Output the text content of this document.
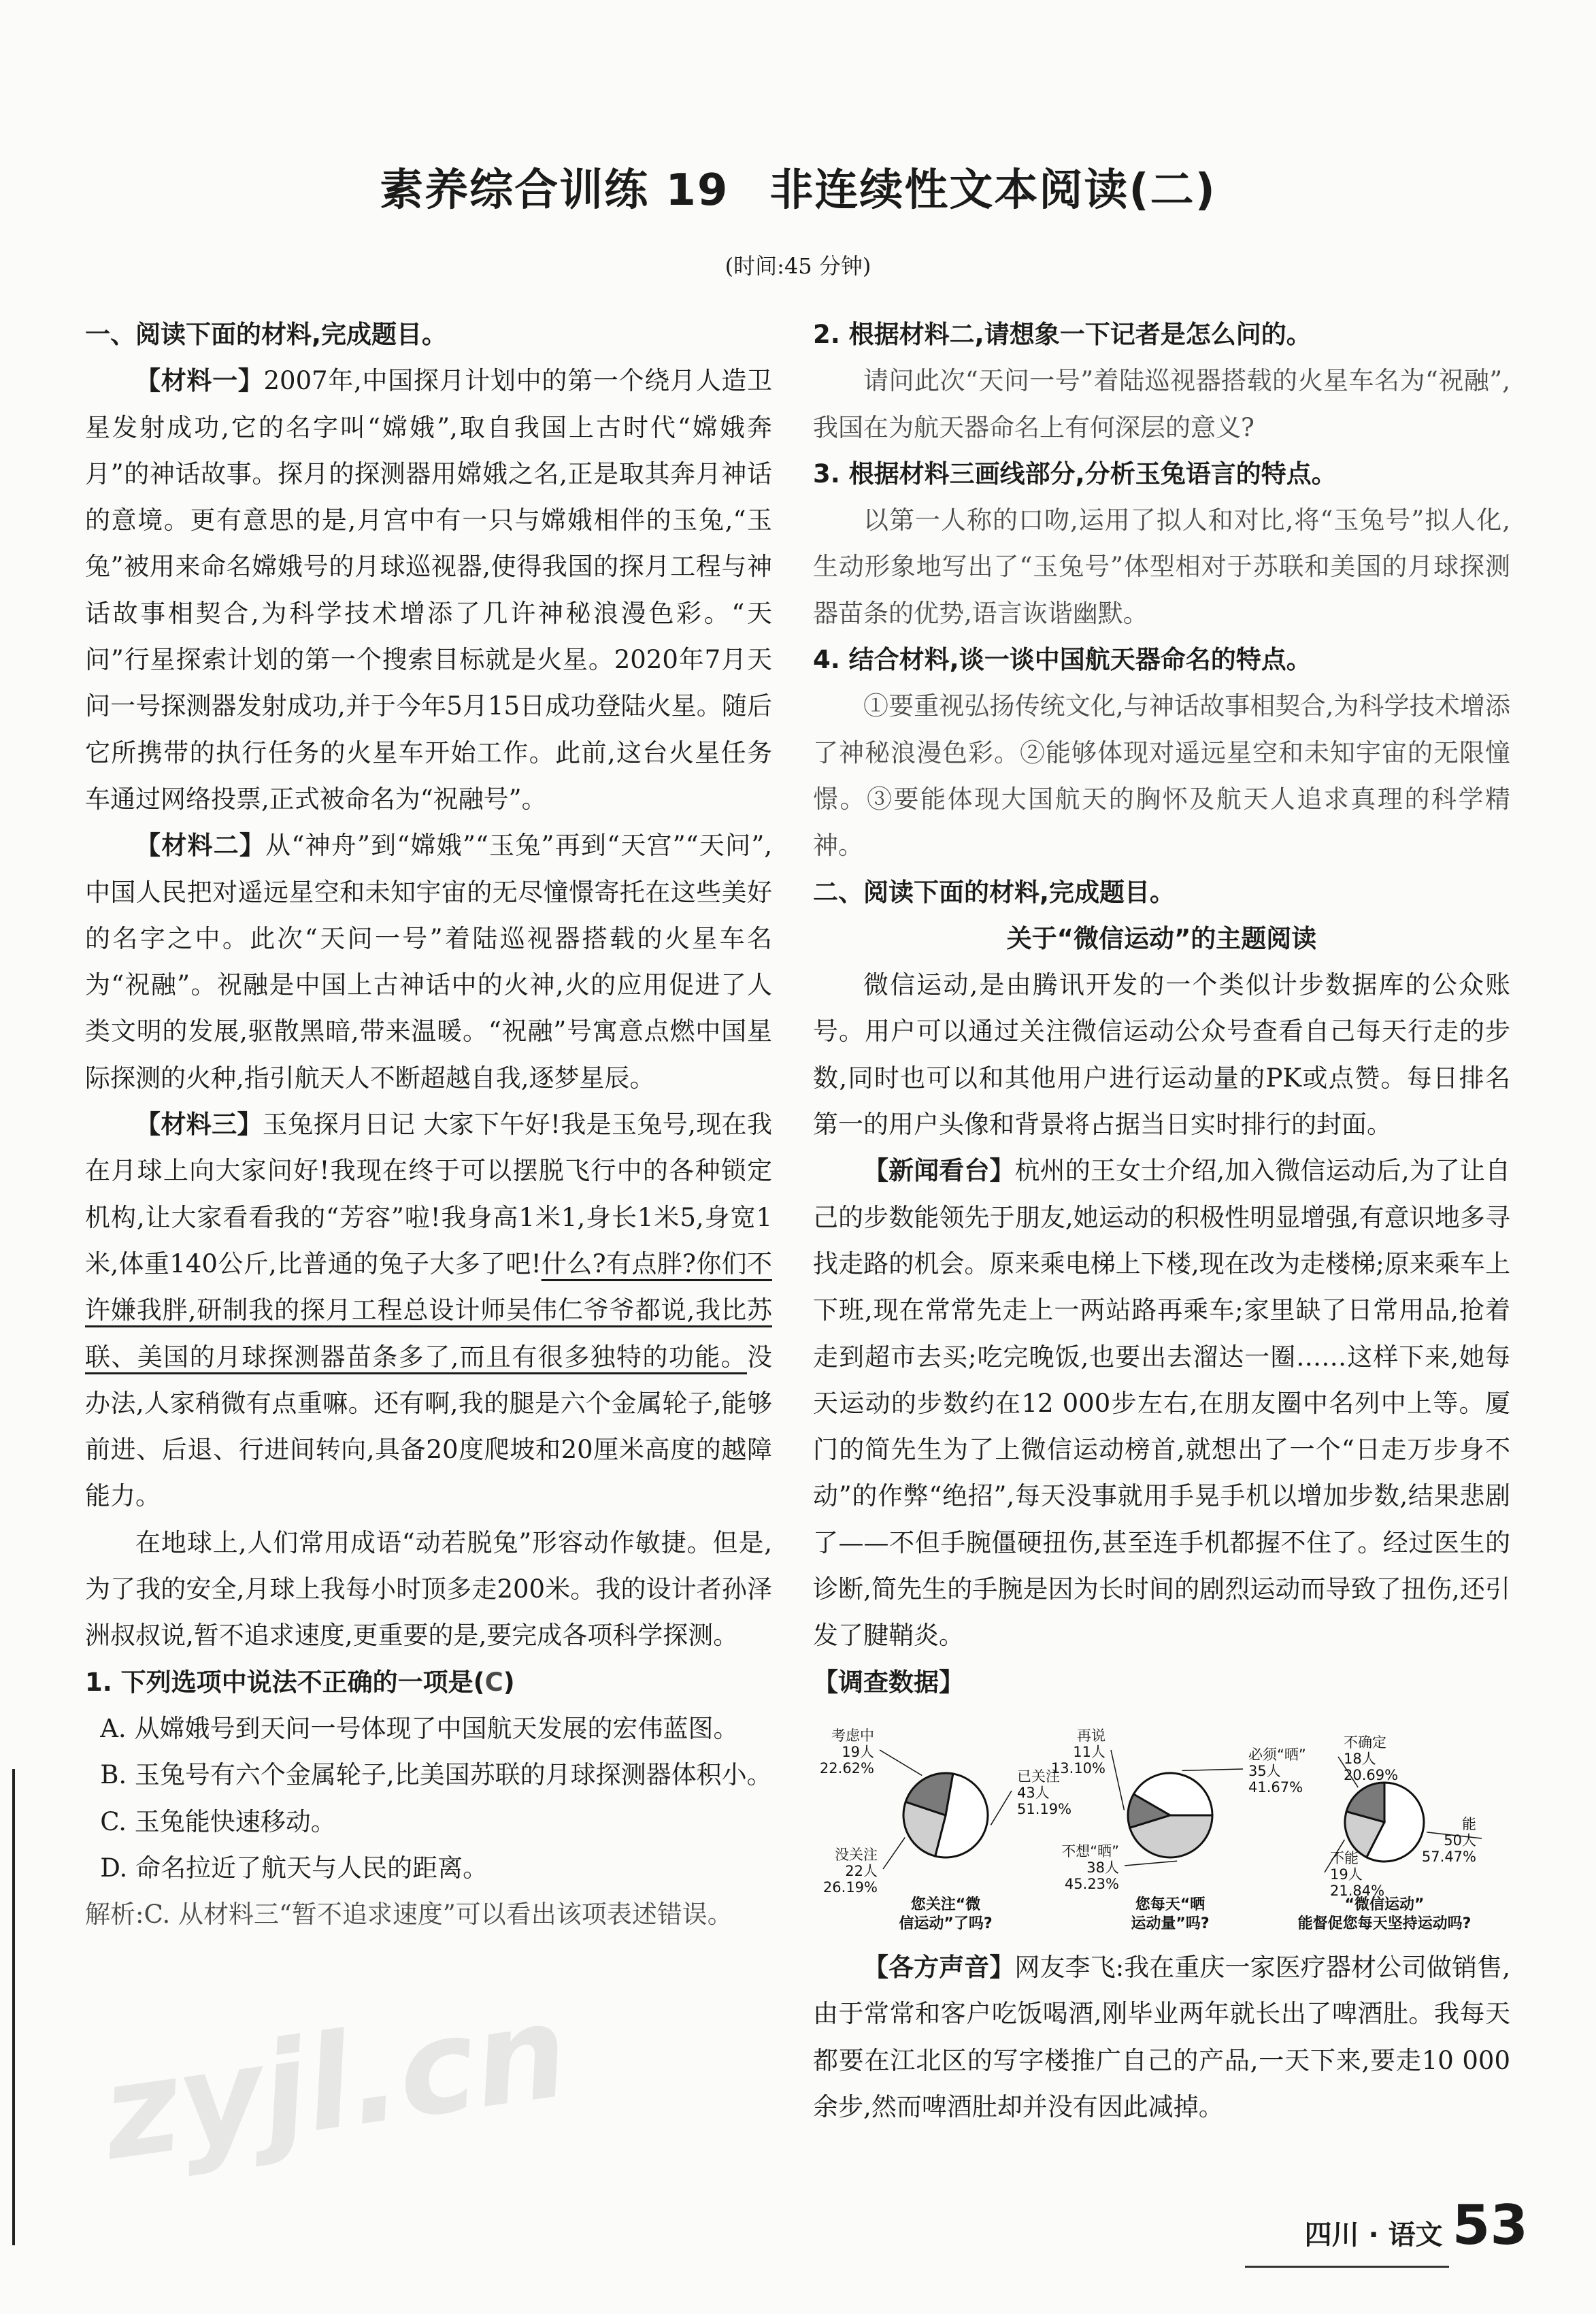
素养综合训练 19 非连续性文本阅读(二)
(时间:45 分钟)

一、阅读下面的材料,完成题目。

【材料一】2007年,中国探月计划中的第一个绕月人造卫星发射成功,它的名字叫“嫦娥”,取自我国上古时代“嫦娥奔月”的神话故事。探月的探测器用嫦娥之名,正是取其奔月神话的意境。更有意思的是,月宫中有一只与嫦娥相伴的玉兔,“玉兔”被用来命名嫦娥号的月球巡视器,使得我国的探月工程与神话故事相契合,为科学技术增添了几许神秘浪漫色彩。“天问”行星探索计划的第一个搜索目标就是火星。2020年7月天问一号探测器发射成功,并于今年5月15日成功登陆火星。随后它所携带的执行任务的火星车开始工作。此前,这台火星任务车通过网络投票,正式被命名为“祝融号”。

【材料二】从“神舟”到“嫦娥”“玉兔”再到“天宫”“天问”,中国人民把对遥远星空和未知宇宙的无尽憧憬寄托在这些美好的名字之中。此次“天问一号”着陆巡视器搭载的火星车名为“祝融”。祝融是中国上古神话中的火神,火的应用促进了人类文明的发展,驱散黑暗,带来温暖。“祝融”号寓意点燃中国星际探测的火种,指引航天人不断超越自我,逐梦星辰。

【材料三】玉兔探月日记 大家下午好!我是玉兔号,现在我在月球上向大家问好!我现在终于可以摆脱飞行中的各种锁定机构,让大家看看我的“芳容”啦!我身高1米1,身长1米5,身宽1米,体重140公斤,比普通的兔子大多了吧!什么?有点胖?你们不许嫌我胖,研制我的探月工程总设计师吴伟仁爷爷都说,我比苏联、美国的月球探测器苗条多了,而且有很多独特的功能。没办法,人家稍微有点重嘛。还有啊,我的腿是六个金属轮子,能够前进、后退、行进间转向,具备20度爬坡和20厘米高度的越障能力。

在地球上,人们常用成语“动若脱兔”形容动作敏捷。但是,为了我的安全,月球上我每小时顶多走200米。我的设计者孙泽洲叔叔说,暂不追求速度,更重要的是,要完成各项科学探测。

1. 下列选项中说法不正确的一项是(C)

A. 从嫦娥号到天问一号体现了中国航天发展的宏伟蓝图。

B. 玉兔号有六个金属轮子,比美国苏联的月球探测器体积小。

C. 玉兔能快速移动。

D. 命名拉近了航天与人民的距离。

解析:C. 从材料三“暂不追求速度”可以看出该项表述错误。

2. 根据材料二,请想象一下记者是怎么问的。

请问此次“天问一号”着陆巡视器搭载的火星车名为“祝融”,我国在为航天器命名上有何深层的意义?

3. 根据材料三画线部分,分析玉兔语言的特点。

以第一人称的口吻,运用了拟人和对比,将“玉兔号”拟人化,生动形象地写出了“玉兔号”体型相对于苏联和美国的月球探测器苗条的优势,语言诙谐幽默。

4. 结合材料,谈一谈中国航天器命名的特点。

①要重视弘扬传统文化,与神话故事相契合,为科学技术增添了神秘浪漫色彩。②能够体现对遥远星空和未知宇宙的无限憧憬。③要能体现大国航天的胸怀及航天人追求真理的科学精神。

二、阅读下面的材料,完成题目。

关于“微信运动”的主题阅读

微信运动,是由腾讯开发的一个类似计步数据库的公众账号。用户可以通过关注微信运动公众号查看自己每天行走的步数,同时也可以和其他用户进行运动量的PK或点赞。每日排名第一的用户头像和背景将占据当日实时排行的封面。

【新闻看台】杭州的王女士介绍,加入微信运动后,为了让自己的步数能领先于朋友,她运动的积极性明显增强,有意识地多寻找走路的机会。原来乘电梯上下楼,现在改为走楼梯;原来乘车上下班,现在常常先走上一两站路再乘车;家里缺了日常用品,抢着走到超市去买;吃完晚饭,也要出去溜达一圈……这样下来,她每天运动的步数约在12 000步左右,在朋友圈中名列中上等。厦门的简先生为了上微信运动榜首,就想出了一个“日走万步身不动”的作弊“绝招”,每天没事就用手晃手机以增加步数,结果悲剧了——不但手腕僵硬扭伤,甚至连手机都握不住了。经过医生的诊断,简先生的手腕是因为长时间的剧烈运动而导致了扭伤,还引发了腱鞘炎。

【调查数据】

已关注
43人
51.19%
没关注
22人
26.19%
考虑中
19人
22.62%
您关注“微
信运动”了吗?
必须“晒”
35人
41.67%
不想“晒”
38人
45.23%
再说
11人
13.10%
您每天“晒
运动量”吗?
能
50人
57.47%
不能
19人
21.84%
不确定
18人
20.69%
“微信运动”
能督促您每天坚持运动吗?

【各方声音】网友李飞:我在重庆一家医疗器材公司做销售,由于常常和客户吃饭喝酒,刚毕业两年就长出了啤酒肚。我每天都要在江北区的写字楼推广自己的产品,一天下来,要走10 000余步,然而啤酒肚却并没有因此减掉。

四川 · 语文 53
zyjl.cn
